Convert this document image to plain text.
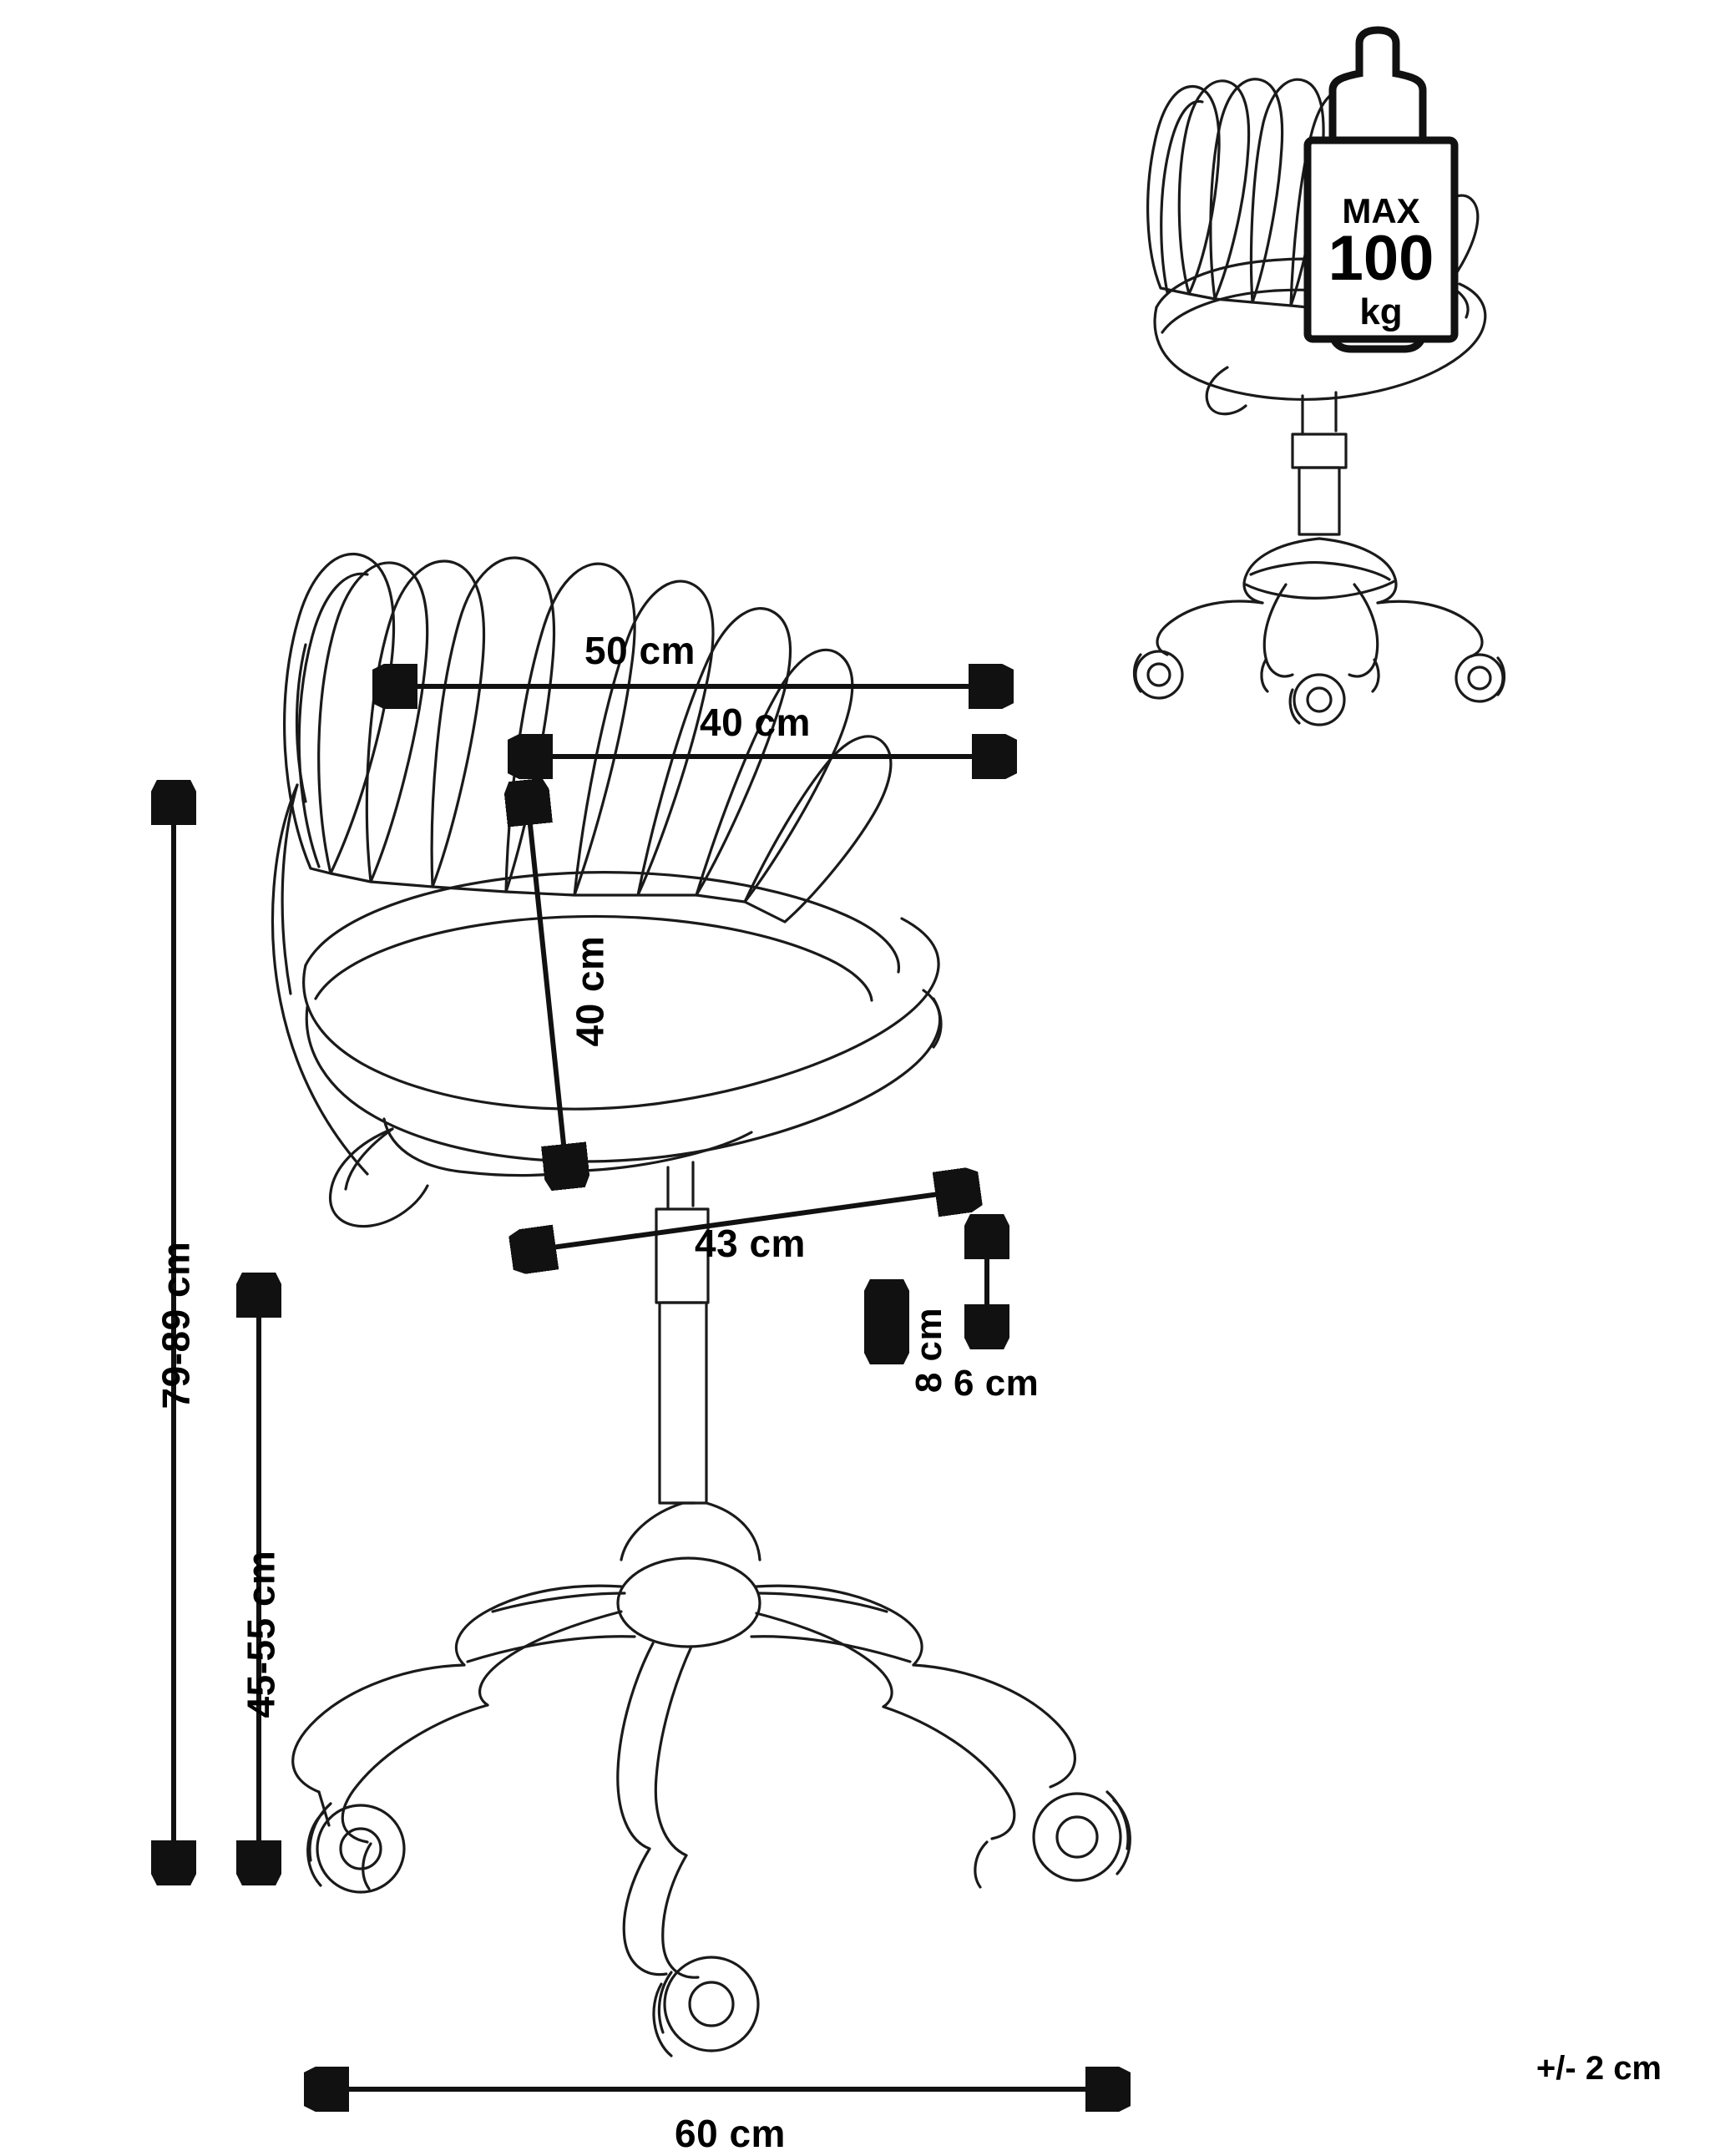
50 cm
40 cm
40 cm
43 cm
8 cm 6 cm
79-89 cm
45-55 cm
60 cm
MAX
100
kg
+/- 2 cm
